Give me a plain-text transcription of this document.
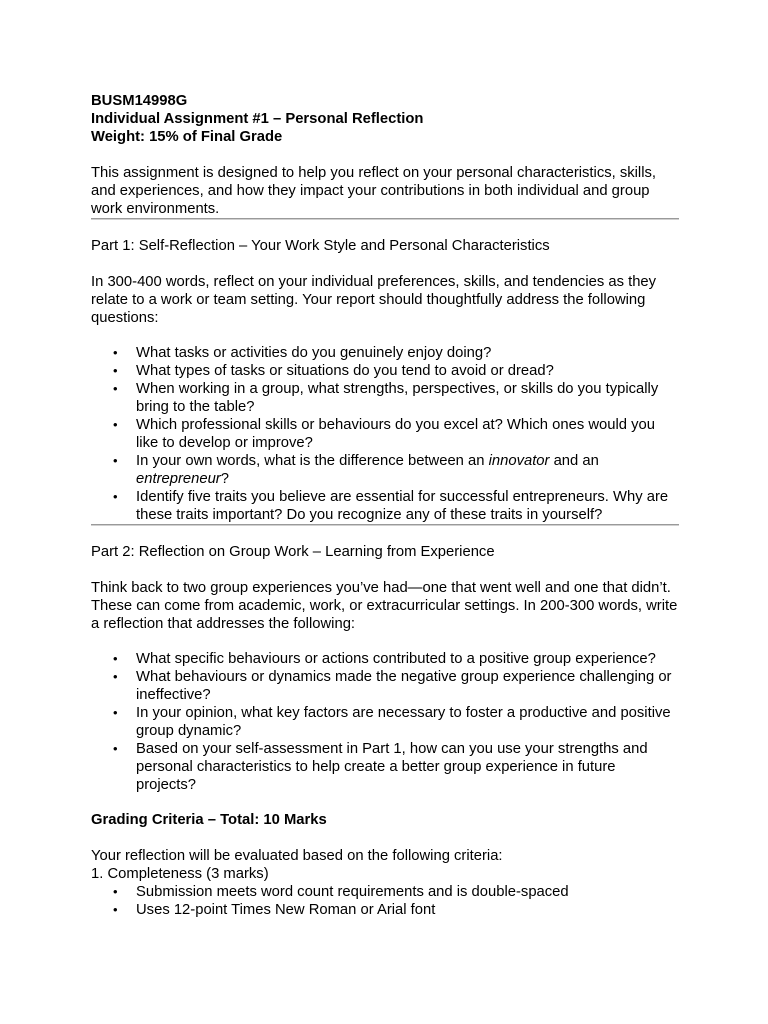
BUSM14998G
Individual Assignment #1 – Personal Reflection
Weight: 15% of Final Grade

This assignment is designed to help you reflect on your personal characteristics, skills, and experiences, and how they impact your contributions in both individual and group work environments.

Part 1: Self-Reflection – Your Work Style and Personal Characteristics

In 300-400 words, reflect on your individual preferences, skills, and tendencies as they relate to a work or team setting. Your report should thoughtfully address the following questions:

• What tasks or activities do you genuinely enjoy doing?
• What types of tasks or situations do you tend to avoid or dread?
• When working in a group, what strengths, perspectives, or skills do you typically bring to the table?
• Which professional skills or behaviours do you excel at? Which ones would you like to develop or improve?
• In your own words, what is the difference between an innovator and an entrepreneur?
• Identify five traits you believe are essential for successful entrepreneurs. Why are these traits important? Do you recognize any of these traits in yourself?

Part 2: Reflection on Group Work – Learning from Experience

Think back to two group experiences you’ve had—one that went well and one that didn’t. These can come from academic, work, or extracurricular settings. In 200-300 words, write a reflection that addresses the following:

• What specific behaviours or actions contributed to a positive group experience?
• What behaviours or dynamics made the negative group experience challenging or ineffective?
• In your opinion, what key factors are necessary to foster a productive and positive group dynamic?
• Based on your self-assessment in Part 1, how can you use your strengths and personal characteristics to help create a better group experience in future projects?

Grading Criteria – Total: 10 Marks

Your reflection will be evaluated based on the following criteria:

1. Completeness (3 marks)

• Submission meets word count requirements and is double-spaced
• Uses 12-point Times New Roman or Arial font
